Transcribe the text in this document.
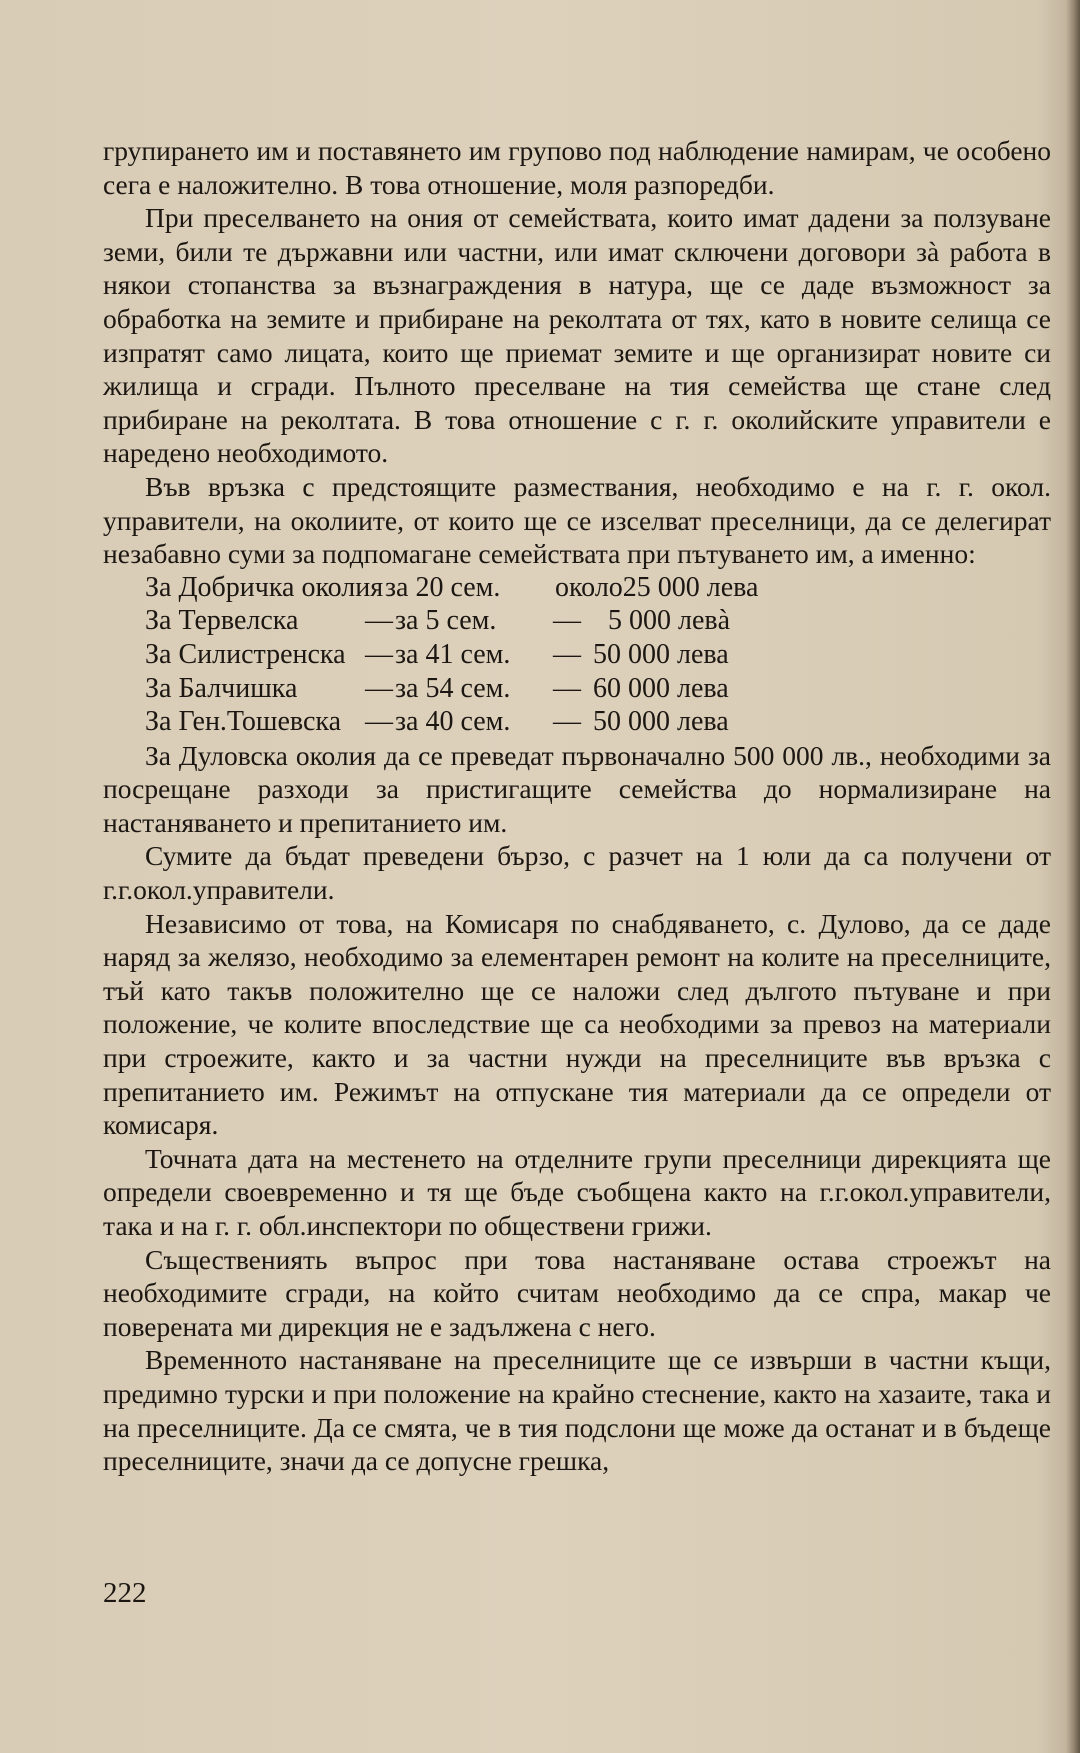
групирането им и поставянето им групово под наблюдение намирам, че особено сега е наложително. В това отношение, моля разпоредби.

При преселването на ония от семействата, които имат дадени за ползуване земи, били те държавни или частни, или имат сключени договори зà работа в някои стопанства за възнаграждения в натура, ще се даде възможност за обработка на земите и прибиране на реколтата от тях, като в новите селища се изпратят само лицата, които ще приемат земите и ще организират новите си жилища и сгради. Пълното преселване на тия семейства ще стане след прибиране на реколтата. В това отношение с г. г. околийските управители е наредено необходимото.

Във връзка с предстоящите размествания, необходимо е на г. г. окол. управители, на околиите, от които ще се изселват преселници, да се делегират незабавно суми за подпомагане семействата при пътуването им, а именно:

За Добричка околия за 20 сем.	около25 000 лева
За Тервелска — за 5 сем. — 5 000 левà
За Силистренска — за 41 сем. — 50 000 лева
За Балчишка — за 54 сем. — 60 000 лева
За Ген.Тошевска — за 40 сем. — 50 000 лева

За Дуловска околия да се преведат първоначално 500 000 лв., необходими за посрещане разходи за пристигащите семейства до нормализиране на настаняването и препитанието им.

Сумите да бъдат преведени бързо, с разчет на 1 юли да са получени от г.г.окол.управители.

Независимо от това, на Комисаря по снабдяването, с. Дулово, да се даде наряд за желязо, необходимо за елементарен ремонт на колите на преселниците, тъй като такъв положително ще се наложи след дългото пътуване и при положение, че колите впоследствие ще са необходими за превоз на материали при строежите, както и за частни нужди на преселниците във връзка с препитанието им. Режимът на отпускане тия материали да се определи от комисаря.

Точната дата на местенето на отделните групи преселници дирекцията ще определи своевременно и тя ще бъде съобщена както на г.г.окол.управители, така и на г. г. обл.инспектори по обществени грижи.

Съществениять въпрос при това настаняване остава строежът на необходимите сгради, на който считам необходимо да се спра, макар че поверената ми дирекция не е задължена с него.

Временното настаняване на преселниците ще се извърши в частни къщи, предимно турски и при положение на крайно стеснение, както на хазаите, така и на преселниците. Да се смята, че в тия подслони ще може да останат и в бъдеще преселниците, значи да се допусне грешка,

222
